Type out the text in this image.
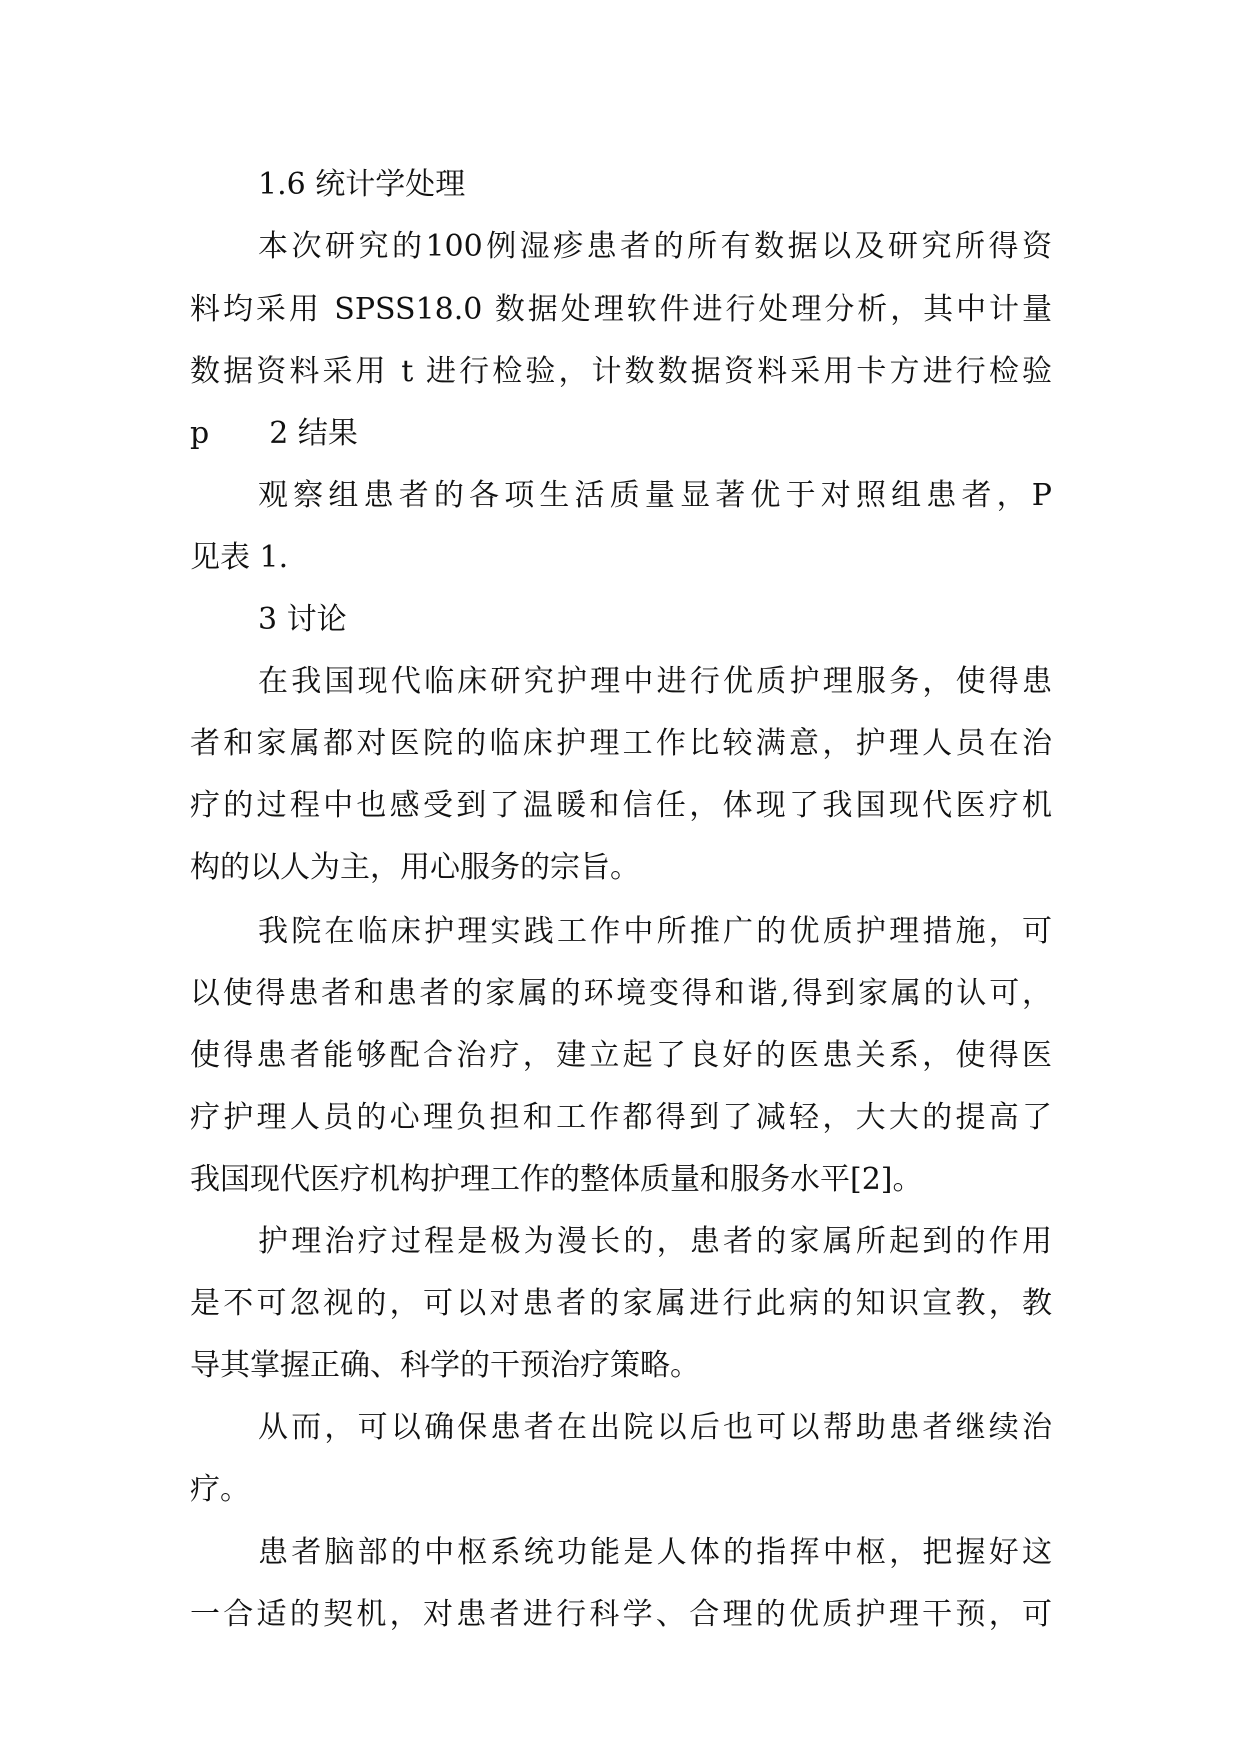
1.6 统计学处理
本次研究的100例湿疹患者的所有数据以及研究所得资
料均采用 SPSS18.0 数据处理软件进行处理分析，其中计量
数据资料采用 t 进行检验，计数数据资料采用卡方进行检验
p 2 结果
观察组患者的各项生活质量显著优于对照组患者，P
见表 1.
3 讨论
在我国现代临床研究护理中进行优质护理服务，使得患
者和家属都对医院的临床护理工作比较满意，护理人员在治
疗的过程中也感受到了温暖和信任，体现了我国现代医疗机
构的以人为主，用心服务的宗旨。
我院在临床护理实践工作中所推广的优质护理措施，可
以使得患者和患者的家属的环境变得和谐,得到家属的认可，
使得患者能够配合治疗，建立起了良好的医患关系，使得医
疗护理人员的心理负担和工作都得到了减轻，大大的提高了
我国现代医疗机构护理工作的整体质量和服务水平[2]。
护理治疗过程是极为漫长的，患者的家属所起到的作用
是不可忽视的，可以对患者的家属进行此病的知识宣教，教
导其掌握正确、科学的干预治疗策略。
从而，可以确保患者在出院以后也可以帮助患者继续治
疗。
患者脑部的中枢系统功能是人体的指挥中枢，把握好这
一合适的契机，对患者进行科学、合理的优质护理干预，可
